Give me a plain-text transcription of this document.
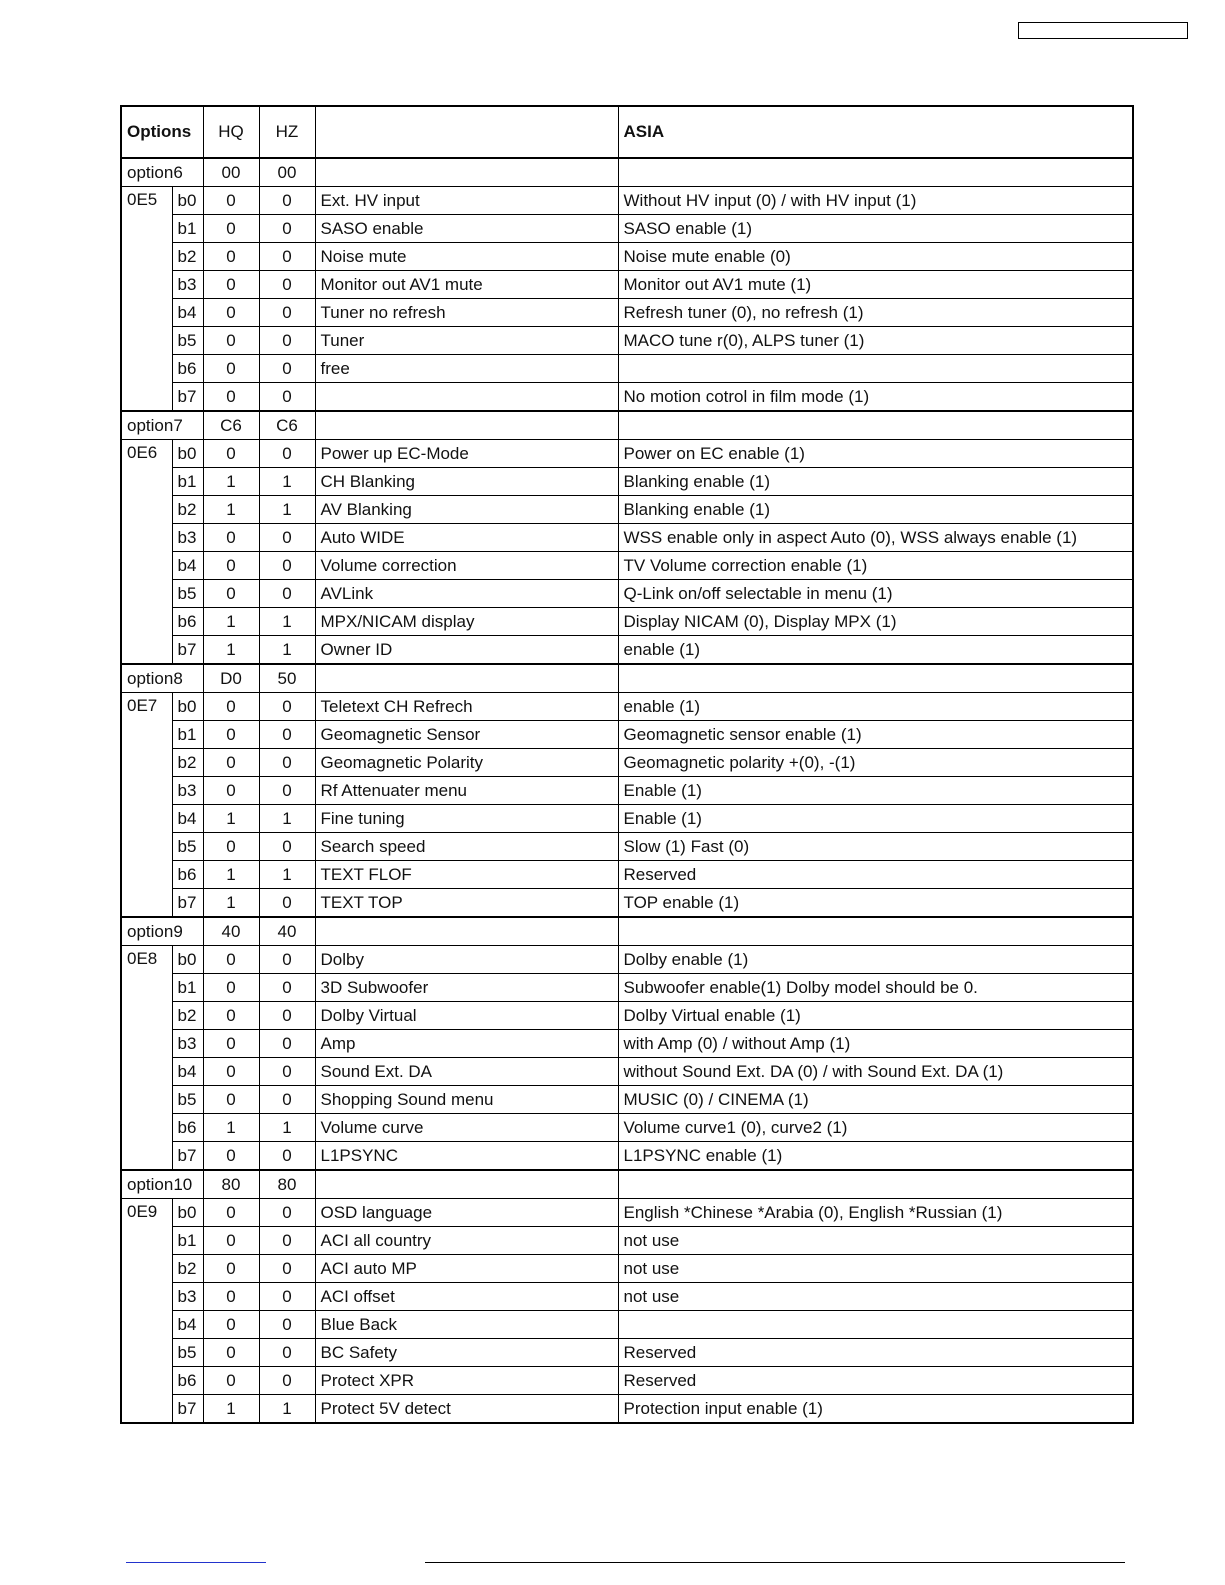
Options		HQ	HZ		ASIA
option6		00	00		
0E5	b0	0	0	Ext. HV input	Without HV input (0) / with HV input (1)
	b1	0	0	SASO enable	SASO enable (1)
	b2	0	0	Noise mute	Noise mute enable (0)
	b3	0	0	Monitor out AV1 mute	Monitor out AV1 mute (1)
	b4	0	0	Tuner no refresh	Refresh tuner (0), no refresh (1)
	b5	0	0	Tuner	MACO tune r(0), ALPS tuner (1)
	b6	0	0	free	
	b7	0	0		No motion cotrol in film mode (1)
option7		C6	C6		
0E6	b0	0	0	Power up EC-Mode	Power on EC enable (1)
	b1	1	1	CH Blanking	Blanking enable (1)
	b2	1	1	AV Blanking	Blanking enable (1)
	b3	0	0	Auto WIDE	WSS enable only in aspect Auto (0), WSS always enable (1)
	b4	0	0	Volume correction	TV Volume correction enable (1)
	b5	0	0	AVLink	Q-Link on/off selectable in menu (1)
	b6	1	1	MPX/NICAM display	Display NICAM (0), Display MPX (1)
	b7	1	1	Owner ID	enable (1)
option8		D0	50		
0E7	b0	0	0	Teletext CH Refrech	enable (1)
	b1	0	0	Geomagnetic Sensor	Geomagnetic sensor enable (1)
	b2	0	0	Geomagnetic Polarity	Geomagnetic polarity +(0), -(1)
	b3	0	0	Rf Attenuater menu	Enable (1)
	b4	1	1	Fine tuning	Enable (1)
	b5	0	0	Search speed	Slow (1) Fast (0)
	b6	1	1	TEXT FLOF	Reserved
	b7	1	0	TEXT TOP	TOP enable (1)
option9		40	40		
0E8	b0	0	0	Dolby	Dolby enable (1)
	b1	0	0	3D Subwoofer	Subwoofer enable(1) Dolby model should be 0.
	b2	0	0	Dolby Virtual	Dolby Virtual enable (1)
	b3	0	0	Amp	with Amp (0) / without Amp (1)
	b4	0	0	Sound Ext. DA	without Sound Ext. DA (0) / with Sound Ext. DA (1)
	b5	0	0	Shopping Sound menu	MUSIC (0) / CINEMA (1)
	b6	1	1	Volume curve	Volume curve1 (0), curve2 (1)
	b7	0	0	L1PSYNC	L1PSYNC enable (1)
option10		80	80		
0E9	b0	0	0	OSD language	English *Chinese *Arabia (0), English *Russian (1)
	b1	0	0	ACI all country	not use
	b2	0	0	ACI auto MP	not use
	b3	0	0	ACI offset	not use
	b4	0	0	Blue Back	
	b5	0	0	BC Safety	Reserved
	b6	0	0	Protect XPR	Reserved
	b7	1	1	Protect 5V detect	Protection input enable (1)
